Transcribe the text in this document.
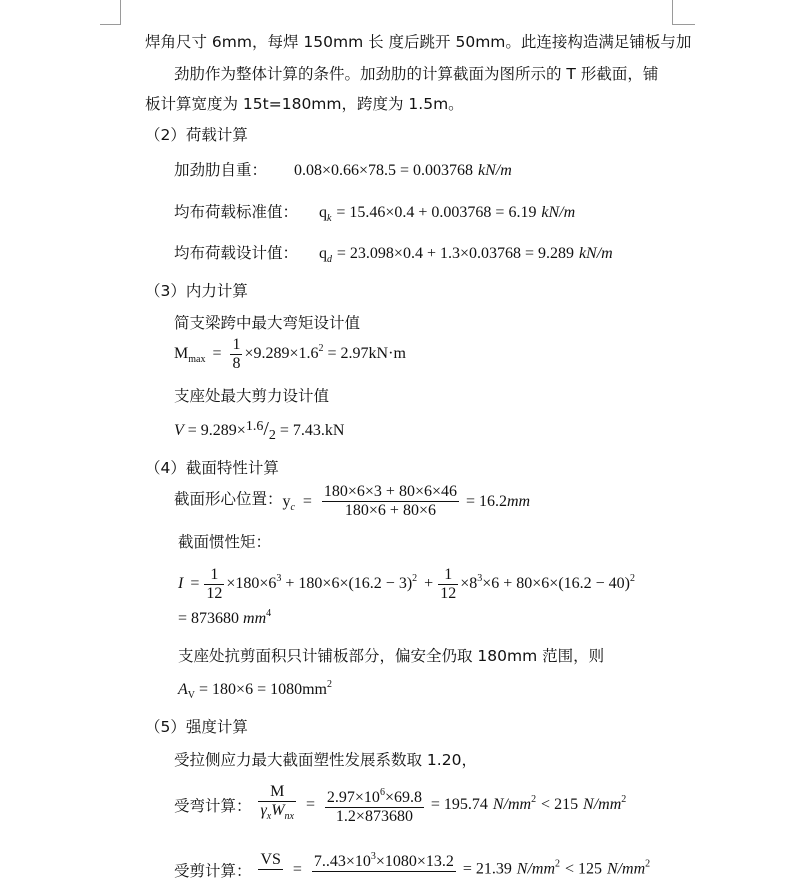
焊角尺寸 6mm，每焊 150mm 长 度后跳开 50mm。此连接构造满足铺板与加
劲肋作为整体计算的条件。加劲肋的计算截面为图所示的 T 形截面，铺
板计算宽度为 15t=180mm，跨度为 1.5m。
（2）荷载计算
加劲肋自重： 0.08×0.66×78.5 = 0.003768 kN/m
均布荷载标准值： $q_k = 15.46\times 0.4 + 0.003768 = 6.19$ kN/m
均布荷载设计值： $q_d = 23.098\times 0.4 + 1.3\times 0.03768 = 9.289$ kN/m
（3）内力计算
简支梁跨中最大弯矩设计值
$M_{max} = \frac{1}{8} \times 9.289\times 1.6^2 = 2.97kN\cdot m$
支座处最大剪力设计值
V = 9.289×1.6/2 = 7.43.kN
（4）截面特性计算
截面形心位置：$y_c = \frac{180\times 6\times 3 + 80\times 6\times 46}{180\times 6 + 80\times 6} = 16.2mm$
截面惯性矩：
$I = \frac{1}{12} \times 180\times 6^3 + 180\times 6\times(16.2 - 3)^2 + \frac{1}{12} \times 8^3\times 6 + 80\times 6\times(16.2 - 40)^2$
= 873680 $mm^4$
支座处抗剪面积只计铺板部分，偏安全仍取 180mm 范围，则
$A_V = 180\times 6 = 1080mm^2$
（5）强度计算
受拉侧应力最大截面塑性发展系数取 1.20，
受弯计算： $\frac{M}{\gamma_xW_{nx}} = \frac{2.97\times 10^6\times 69.8}{1.2\times 873680} = 195.74$ $N/mm^2 < 215$ $N/mm^2$
受剪计算：
VS

= $7..43\times 10^3\times 1080\times 13.2$
= 21.39 $N/mm^2 < 125$ $N/mm^2$
